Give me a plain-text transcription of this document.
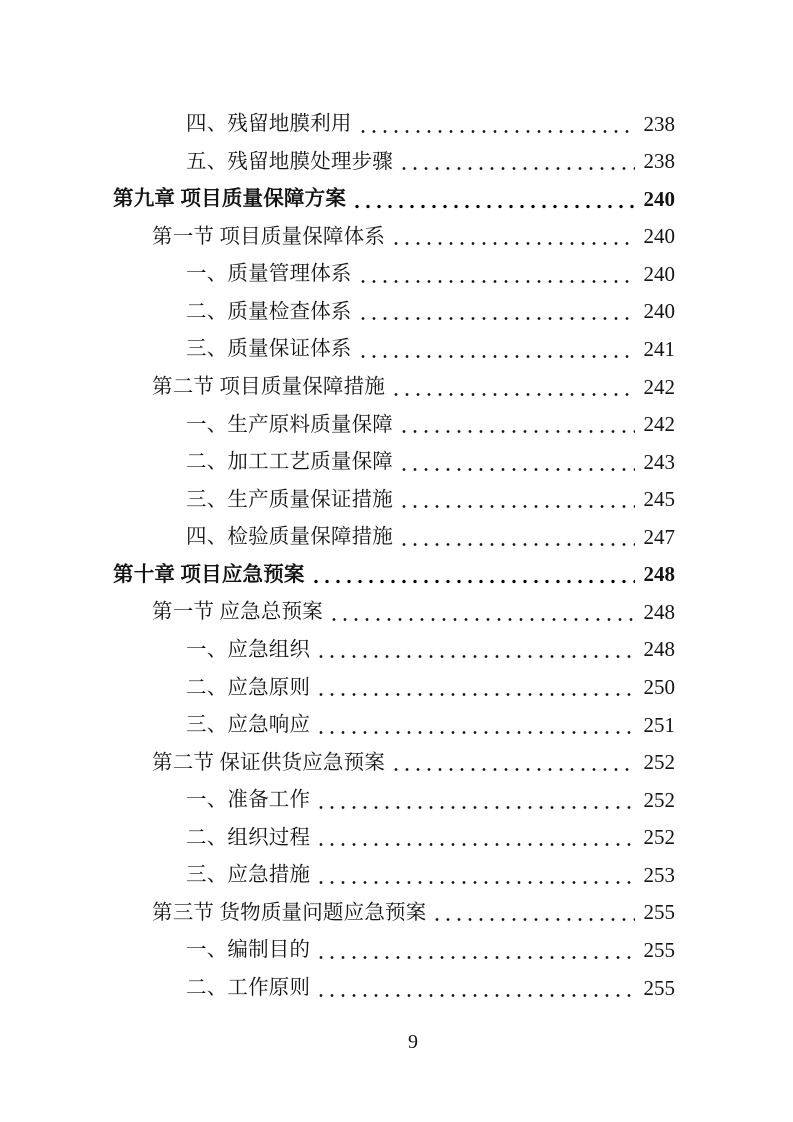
四、残留地膜利用	238
五、残留地膜处理步骤	238
第九章 项目质量保障方案	240
第一节 项目质量保障体系	240
一、质量管理体系	240
二、质量检查体系	240
三、质量保证体系	241
第二节 项目质量保障措施	242
一、生产原料质量保障	242
二、加工工艺质量保障	243
三、生产质量保证措施	245
四、检验质量保障措施	247
第十章 项目应急预案	248
第一节 应急总预案	248
一、应急组织	248
二、应急原则	250
三、应急响应	251
第二节 保证供货应急预案	252
一、准备工作	252
二、组织过程	252
三、应急措施	253
第三节 货物质量问题应急预案	255
一、编制目的	255
二、工作原则	255
9
